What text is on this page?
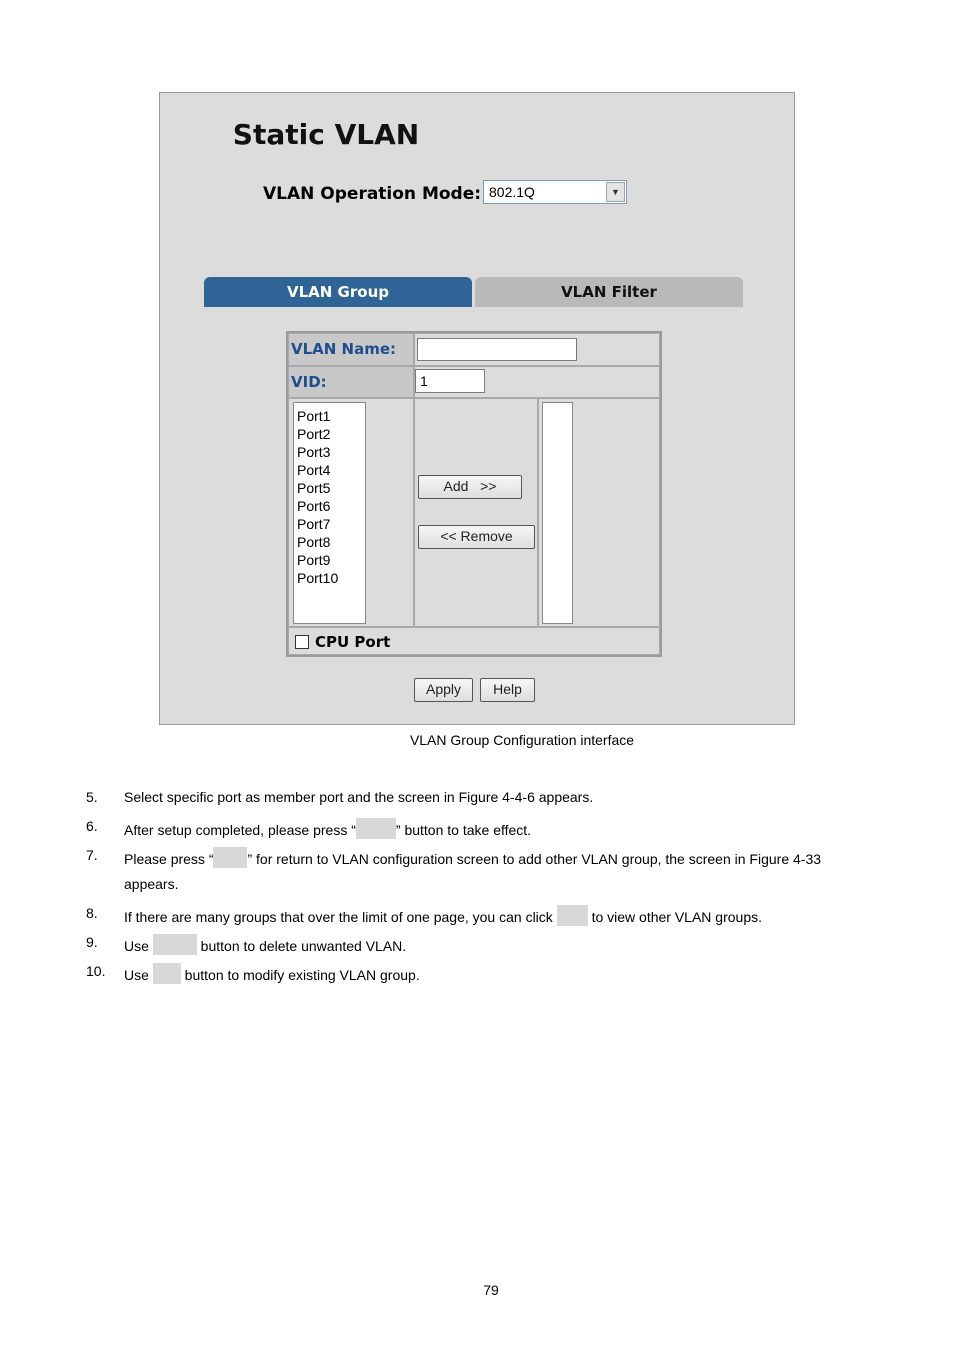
Static VLAN
VLAN Operation Mode: 802.1Q	▼
VLAN Group	VLAN Filter
VLAN Name:
VID:	1
Port1
Port2
Port3
Port4
Port5
Port6
Port7
Port8
Port9
Port10
Add   >>
<< Remove
CPU Port
Apply	Help
VLAN Group Configuration interface
5.	Select specific port as member port and the screen in Figure 4-4-6 appears.
6.	After setup completed, please press “	” button to take effect.
7.	Please press “ ” for return to VLAN configuration screen to add other VLAN group, the screen in Figure 4-33
appears.
8.	If there are many groups that over the limit of one page, you can click  to view other VLAN groups.
9.	Use	button to delete unwanted VLAN.
10.	Use  button to modify existing VLAN group.
79
